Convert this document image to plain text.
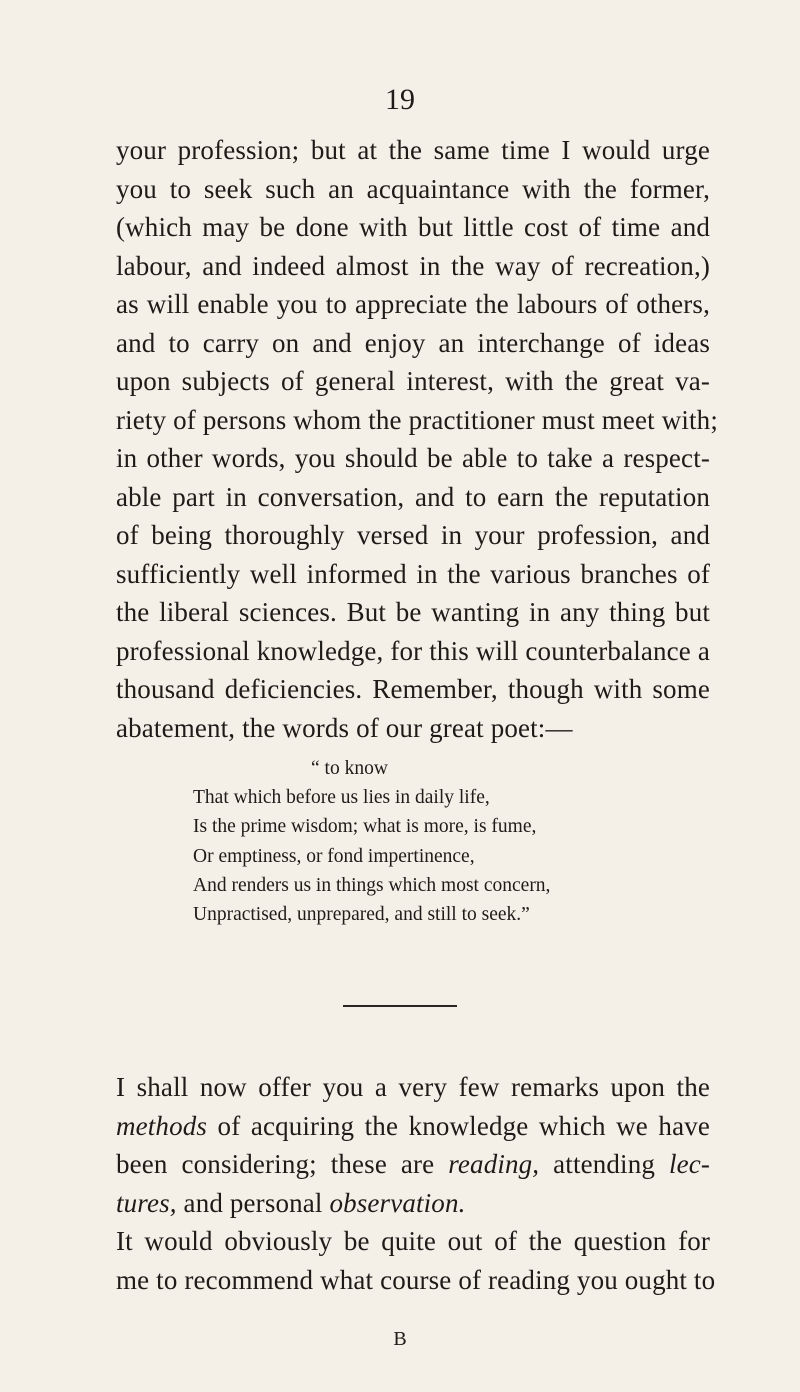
19

your profession; but at the same time I would urge
you to seek such an acquaintance with the former,
(which may be done with but little cost of time and
labour, and indeed almost in the way of recreation,)
as will enable you to appreciate the labours of others,
and to carry on and enjoy an interchange of ideas
upon subjects of general interest, with the great va-
riety of persons whom the practitioner must meet with;
in other words, you should be able to take a respect-
able part in conversation, and to earn the reputation
of being thoroughly versed in your profession, and
sufficiently well informed in the various branches of
the liberal sciences. But be wanting in any thing but
professional knowledge, for this will counterbalance a
thousand deficiencies. Remember, though with some
abatement, the words of our great poet:—

“ to know
That which before us lies in daily life,
Is the prime wisdom; what is more, is fume,
Or emptiness, or fond impertinence,
And renders us in things which most concern,
Unpractised, unprepared, and still to seek.”

I shall now offer you a very few remarks upon the
methods of acquiring the knowledge which we have
been considering; these are reading, attending lec-
tures, and personal observation.

It would obviously be quite out of the question for
me to recommend what course of reading you ought to

B
